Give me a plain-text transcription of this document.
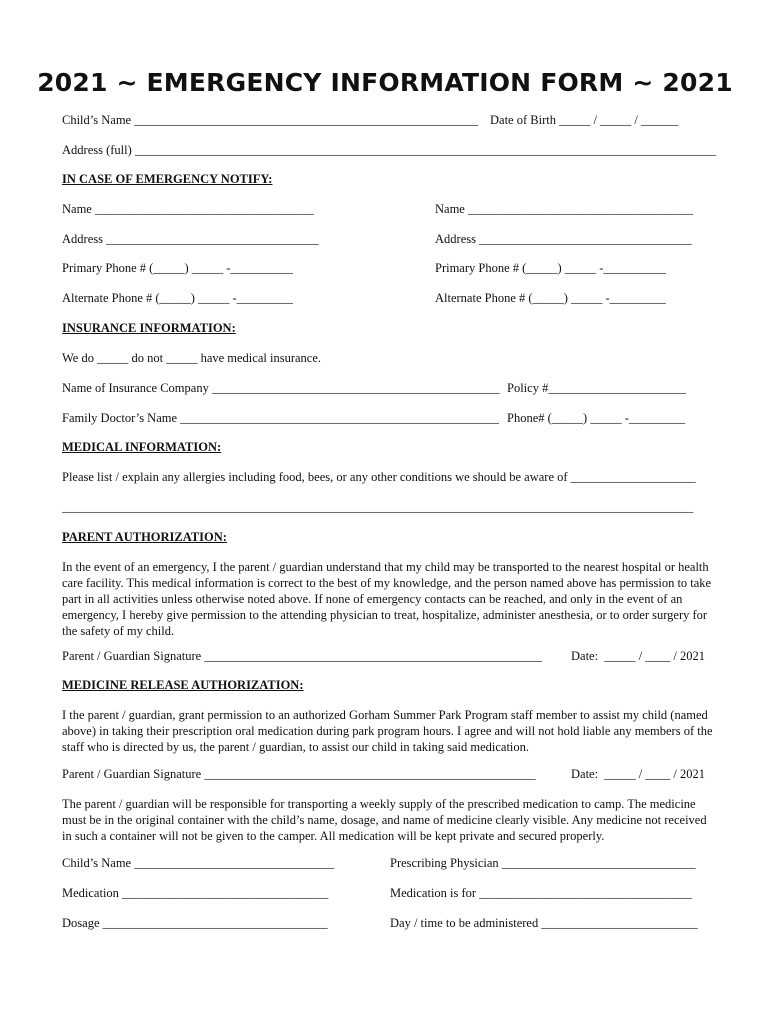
2021 ~ EMERGENCY INFORMATION FORM ~ 2021
Child’s Name _______________________________________________________ Date of Birth _____ / _____ / ______
Address (full) _____________________________________________________________________________________________
IN CASE OF EMERGENCY NOTIFY:
Name ___________________________________	Name ____________________________________
Address __________________________________	Address __________________________________
Primary Phone # (_____) _____ -__________	Primary Phone # (_____) _____ -__________
Alternate Phone # (_____) _____ -_________	Alternate Phone # (_____) _____ -_________
INSURANCE INFORMATION:
We do _____ do not _____ have medical insurance.
Name of Insurance Company ______________________________________________ Policy #______________________
Family Doctor’s Name ___________________________________________________ Phone# (_____) _____ -_________
MEDICAL INFORMATION:
Please list / explain any allergies including food, bees, or any other conditions we should be aware of ____________________
_____________________________________________________________________________________________________
PARENT AUTHORIZATION:
In the event of an emergency, I the parent / guardian understand that my child may be transported to the nearest hospital or health care facility. This medical information is correct to the best of my knowledge, and the person named above has permission to take part in all activities unless otherwise noted above. If none of emergency contacts can be reached, and only in the event of an emergency, I hereby give permission to the attending physician to treat, hospitalize, administer anesthesia, or to order surgery for the safety of my child.
Parent / Guardian Signature ______________________________________________________ Date:  _____ / ____ / 2021
MEDICINE RELEASE AUTHORIZATION:
I the parent / guardian, grant permission to an authorized Gorham Summer Park Program staff member to assist my child (named above) in taking their prescription oral medication during park program hours. I agree and will not hold liable any members of the staff who is directed by us, the parent / guardian, to assist our child in taking said medication.
Parent / Guardian Signature _____________________________________________________	Date:  _____ / ____ / 2021
The parent / guardian will be responsible for transporting a weekly supply of the prescribed medication to camp. The medicine must be in the original container with the child’s name, dosage, and name of medicine clearly visible. Any medicine not received in such a container will not be given to the camper. All medication will be kept private and secured properly.
Child’s Name ________________________________	Prescribing Physician _______________________________
Medication _________________________________	Medication is for __________________________________
Dosage ____________________________________	Day / time to be administered _________________________
